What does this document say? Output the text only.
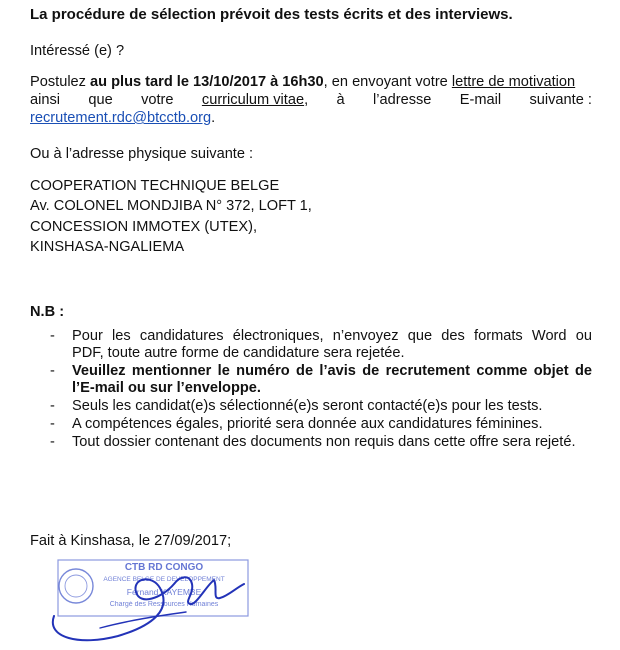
La procédure de sélection prévoit des tests écrits et des interviews.
Intéressé (e) ?
Postulez au plus tard le 13/10/2017 à 16h30, en envoyant votre lettre de motivation
ainsi que votre curriculum vitae, à l’adresse E-mail suivante :
recrutement.rdc@btcctb.org.
Ou à l’adresse physique suivante :
COOPERATION TECHNIQUE BELGE
Av. COLONEL MONDJIBA N° 372, LOFT 1,
CONCESSION IMMOTEX (UTEX),
KINSHASA-NGALIEMA
N.B :
-	Pour les candidatures électroniques, n’envoyez que des formats Word ou
PDF, toute autre forme de candidature sera rejetée.
-	Veuillez mentionner le numéro de l’avis de recrutement comme objet de
l’E-mail ou sur l’enveloppe.
-	Seuls les candidat(e)s sélectionné(e)s seront contacté(e)s pour les tests.
-	A compétences égales, priorité sera donnée aux candidatures féminines.
-	Tout dossier contenant des documents non requis dans cette offre sera rejeté.
Fait à Kinshasa, le 27/09/2017;
CTB RD CONGO
AGENCE BELGE DE DEVELOPPEMENT
Fernand KAYEMBE
Chargé des Ressources Humaines
